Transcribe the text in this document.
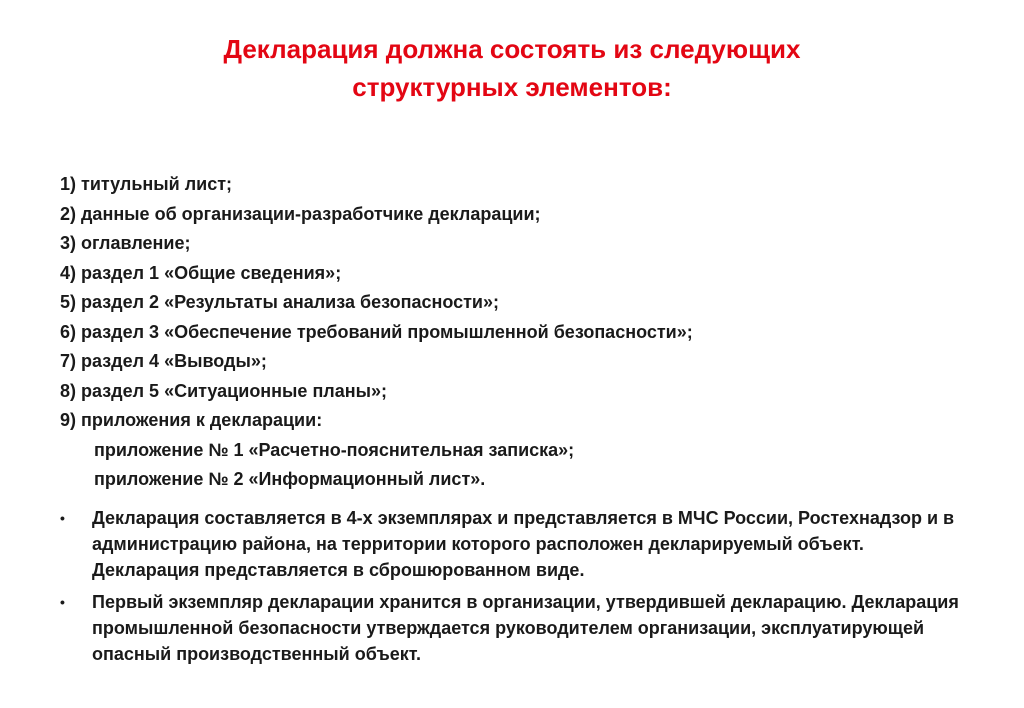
Декларация должна состоять из следующих
структурных элементов:
1) титульный лист;
2) данные об организации-разработчике декларации;
3) оглавление;
4) раздел 1 «Общие сведения»;
5) раздел 2 «Результаты анализа безопасности»;
6) раздел 3 «Обеспечение требований промышленной безопасности»;
7) раздел 4 «Выводы»;
8) раздел 5 «Ситуационные планы»;
9) приложения к декларации:
приложение № 1 «Расчетно-пояснительная записка»;
приложение № 2 «Информационный лист».
•	Декларация составляется в 4-х экземплярах и представляется в МЧС России, Ростехнадзор и в администрацию района, на территории которого расположен декларируемый объект. Декларация представляется в сброшюрованном виде.
•	Первый экземпляр декларации хранится в организации, утвердившей декларацию. Декларация промышленной безопасности утверждается руководителем организации, эксплуатирующей опасный производственный объект.
